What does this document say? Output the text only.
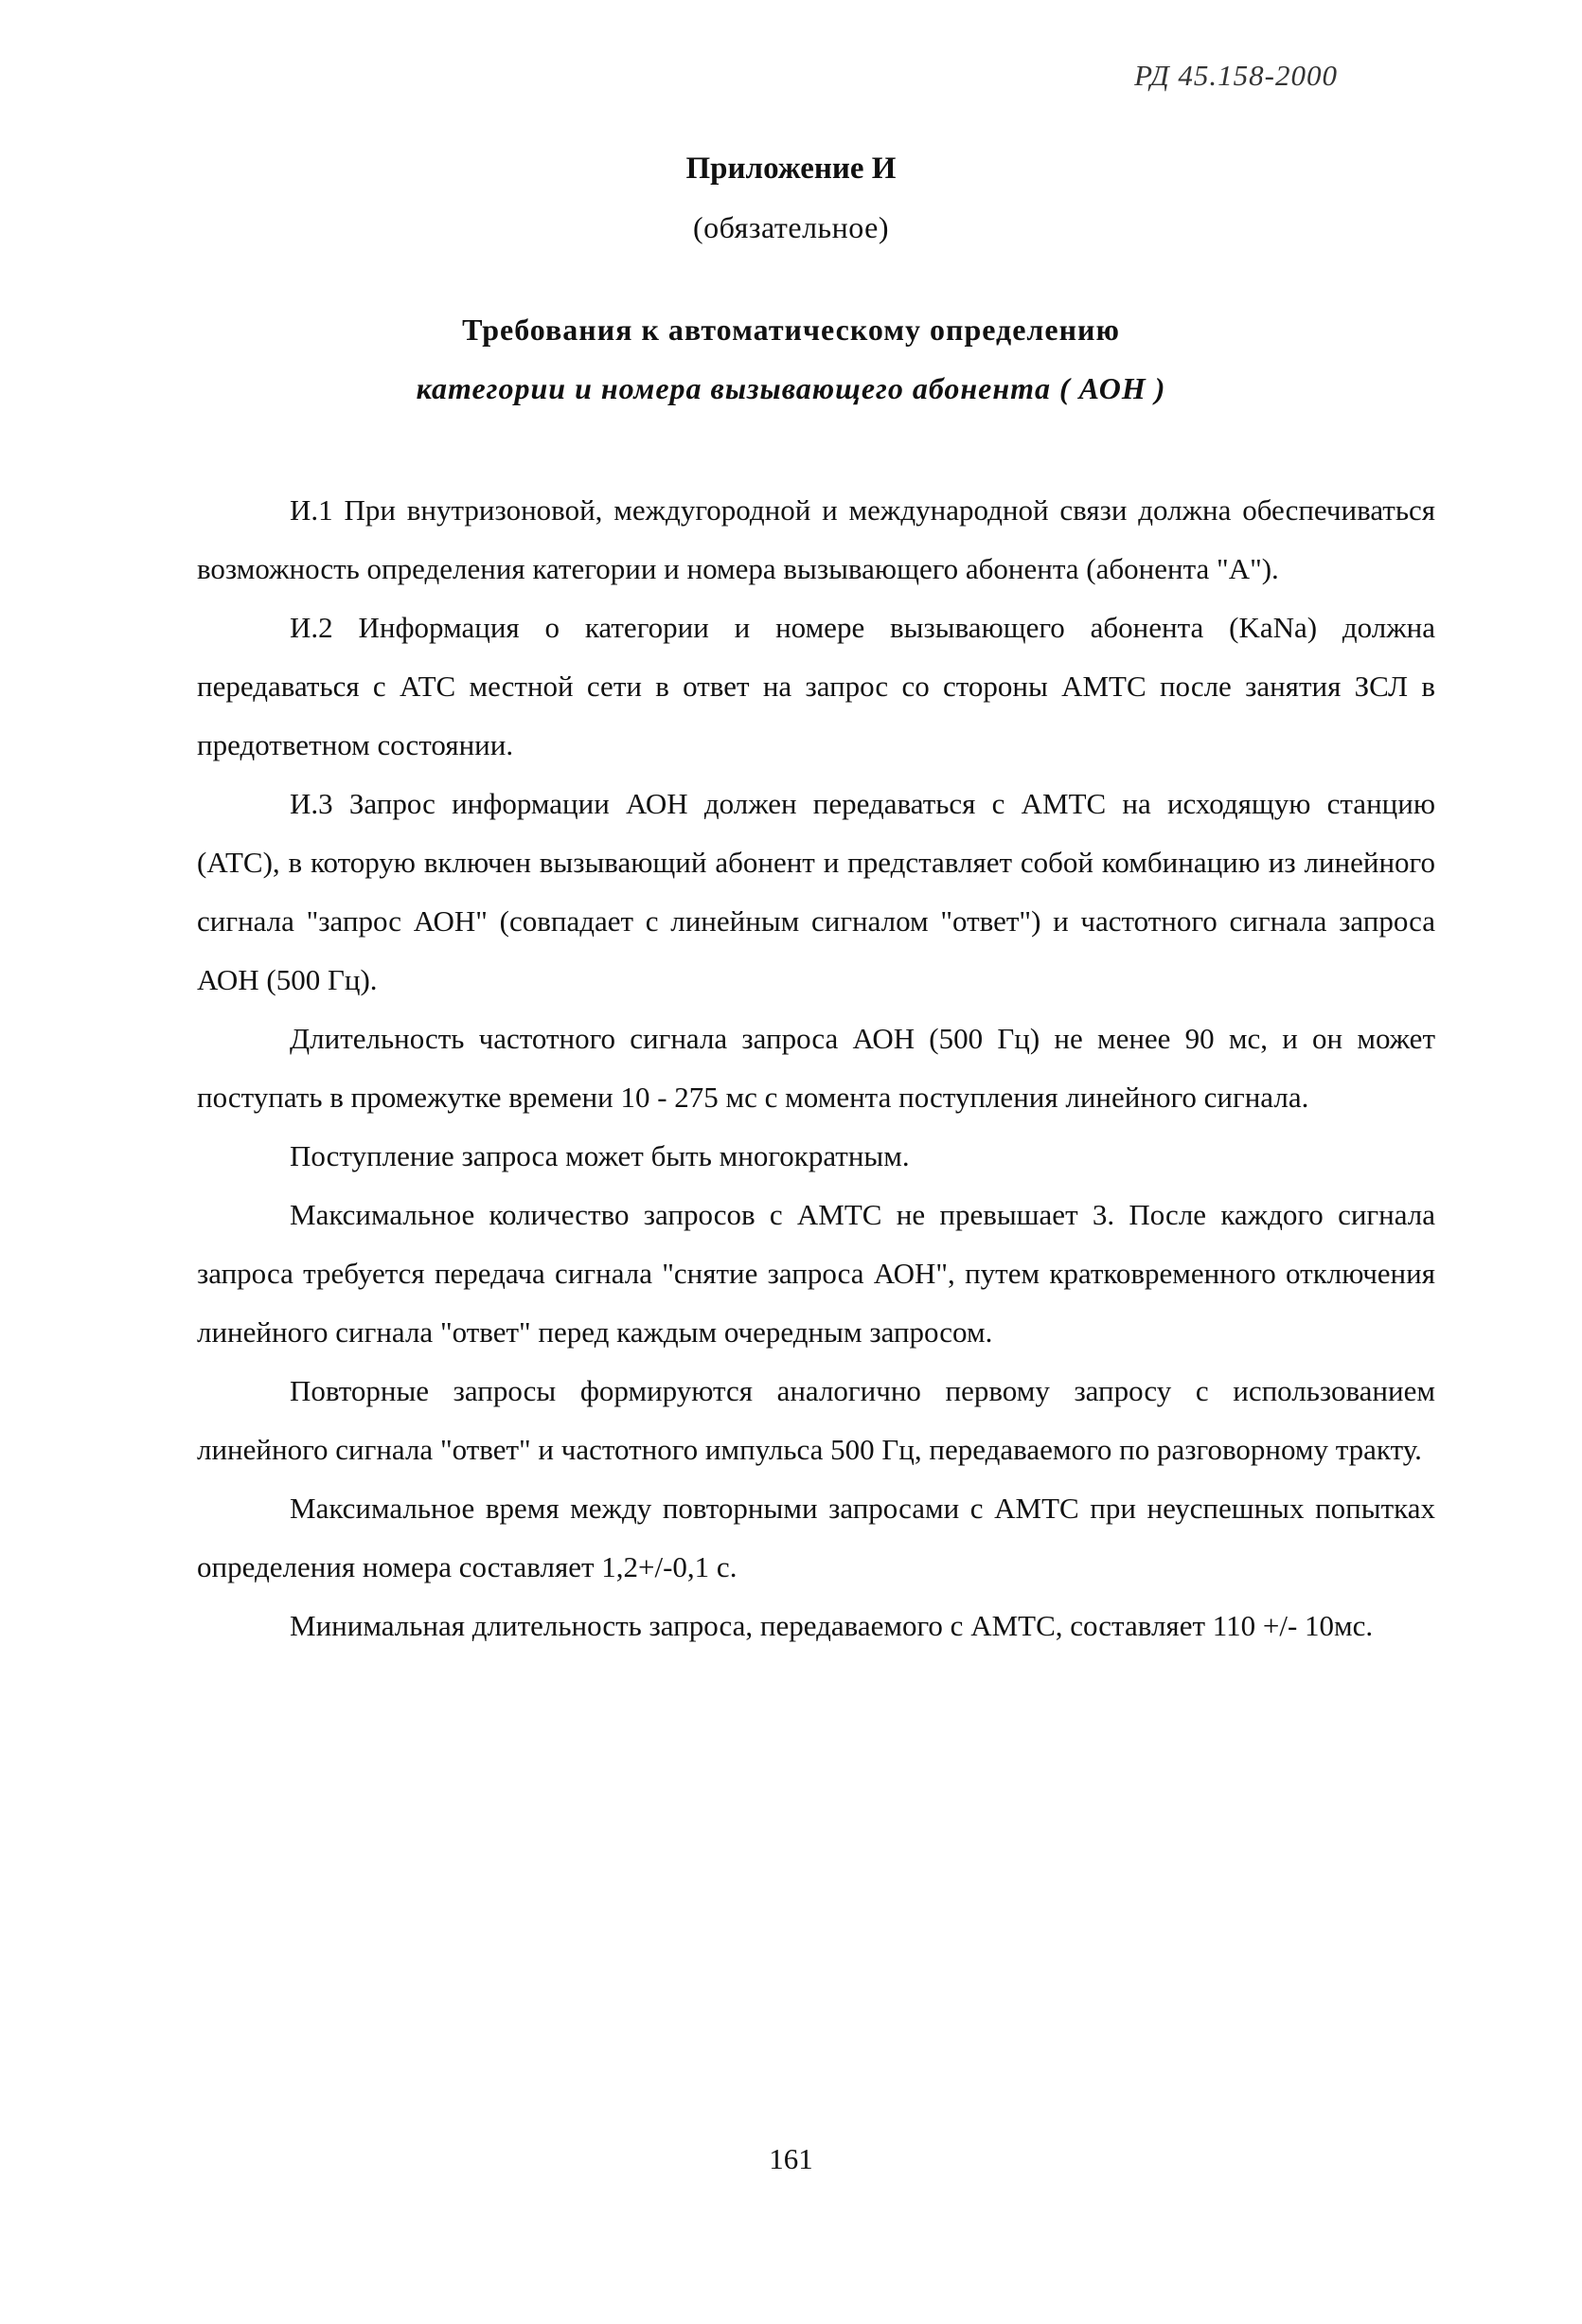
РД 45.158-2000
Приложение И
(обязательное)
Требования к автоматическому определению
категории и номера вызывающего абонента ( АОН )

И.1 При внутризоновой, междугородной и международной связи должна обеспечиваться возможность определения категории и номера вызывающего абонента (абонента "А").

И.2 Информация о категории и номере вызывающего абонента (KaNa) должна передаваться с АТС местной сети в ответ на запрос со стороны АМТС после занятия ЗСЛ в предответном состоянии.

И.3 Запрос информации АОН должен передаваться с АМТС на исходящую станцию (АТС), в которую включен вызывающий абонент и представляет собой комбинацию из линейного сигнала "запрос АОН" (совпадает с линейным сигналом "ответ") и частотного сигнала запроса АОН (500 Гц).

Длительность частотного сигнала запроса АОН (500 Гц) не менее 90 мс, и он может поступать в промежутке времени 10 - 275 мс с момента поступления линейного сигнала.

Поступление запроса может быть многократным.

Максимальное количество запросов с АМТС не превышает 3. После каждого сигнала запроса требуется передача сигнала "снятие запроса АОН", путем кратковременного отключения линейного сигнала "ответ" перед каждым очередным запросом.

Повторные запросы формируются аналогично первому запросу с использованием линейного сигнала "ответ" и частотного импульса 500 Гц, передаваемого по разговорному тракту.

Максимальное время между повторными запросами с АМТС при неуспешных попытках определения номера составляет 1,2+/-0,1 с.

Минимальная длительность запроса, передаваемого с АМТС, составляет 110 +/- 10мс.

161
